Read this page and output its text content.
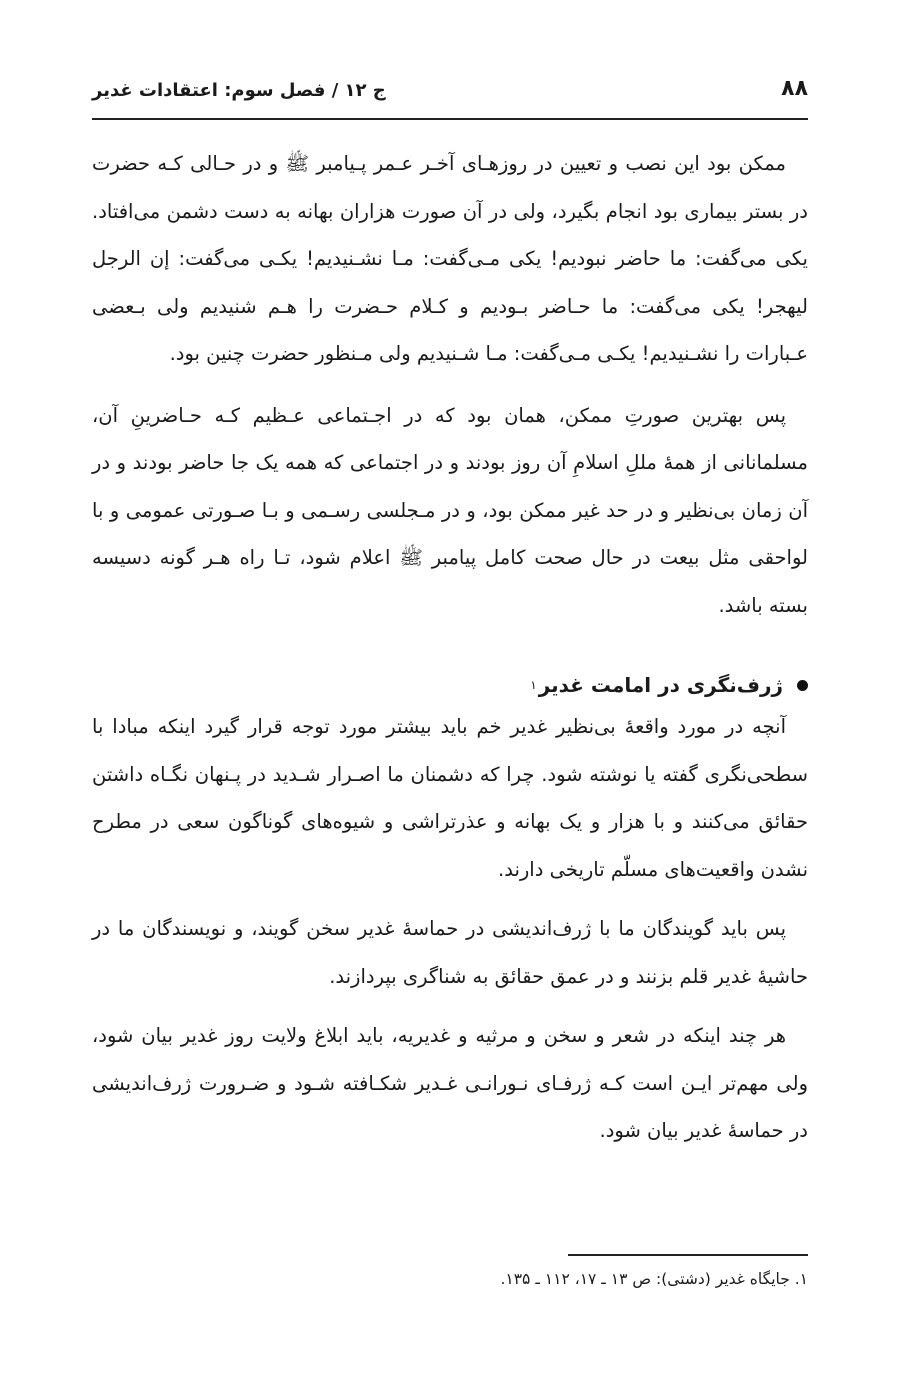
۸۸
ج ۱۲ / فصل سوم: اعتقادات غدیر

ممکن بود این نصب و تعیین در روزهـای آخـر عـمر پـیامبر ﷺ و در حـالی کـه حضرت در بستر بیماری بود انجام بگیرد، ولی در آن صورت هزاران بهانه به دست دشمن می‌افتاد. یکی می‌گفت: ما حاضر نبودیم! یکی مـی‌گفت: مـا نشـنیدیم! یکـی می‌گفت: إن الرجل لیهجر! یکی می‌گفت: ما حـاضر بـودیم و کـلام حـضرت را هـم شنیدیم ولی بـعضی عـبارات را نشـنیدیم! یکـی مـی‌گفت: مـا شـنیدیم ولی مـنظور حضرت چنین بود.

پس بهترین صورتِ ممکن، همان بود که در اجـتماعی عـظیم کـه حـاضرینِ آن، مسلمانانی از همهٔ مللِ اسلامِ آن روز بودند و در اجتماعی که همه یک جا حاضر بودند و در آن زمان بی‌نظیر و در حد غیر ممکن بود، و در مـجلسی رسـمی و بـا صـورتی عمومی و با لواحقی مثل بیعت در حال صحت کامل پیامبر ﷺ اعلام شود، تـا راه هـر گونه دسیسه بسته باشد.

ژرف‌نگری در امامت غدیر
۱

آنچه در مورد واقعهٔ بی‌نظیر غدیر خم باید بیشتر مورد توجه قرار گیرد اینکه مبادا با سطحی‌نگری گفته یا نوشته شود. چرا که دشمنان ما اصـرار شـدید در پـنهان نگـاه داشتن حقائق می‌کنند و با هزار و یک بهانه و عذرتراشی و شیوه‌های گوناگون سعی در مطرح نشدن واقعیت‌های مسلّم تاریخی دارند.

پس باید گویندگان ما با ژرف‌اندیشی در حماسهٔ غدیر سخن گویند، و نویسندگان ما در حاشیهٔ غدیر قلم بزنند و در عمق حقائق به شناگری بپردازند.

هر چند اینکه در شعر و سخن و مرثیه و غدیریه، باید ابلاغ ولایت روز غدیر بیان شود، ولی مهم‌تر ایـن است کـه ژرفـای نـورانـی غـدیر شکـافته شـود و ضـرورت ژرف‌اندیشی در حماسهٔ غدیر بیان شود.

۱. جایگاه غدیر (دشتی): ص ۱۳ ـ ۱۷، ۱۱۲ ـ ۱۳۵.
